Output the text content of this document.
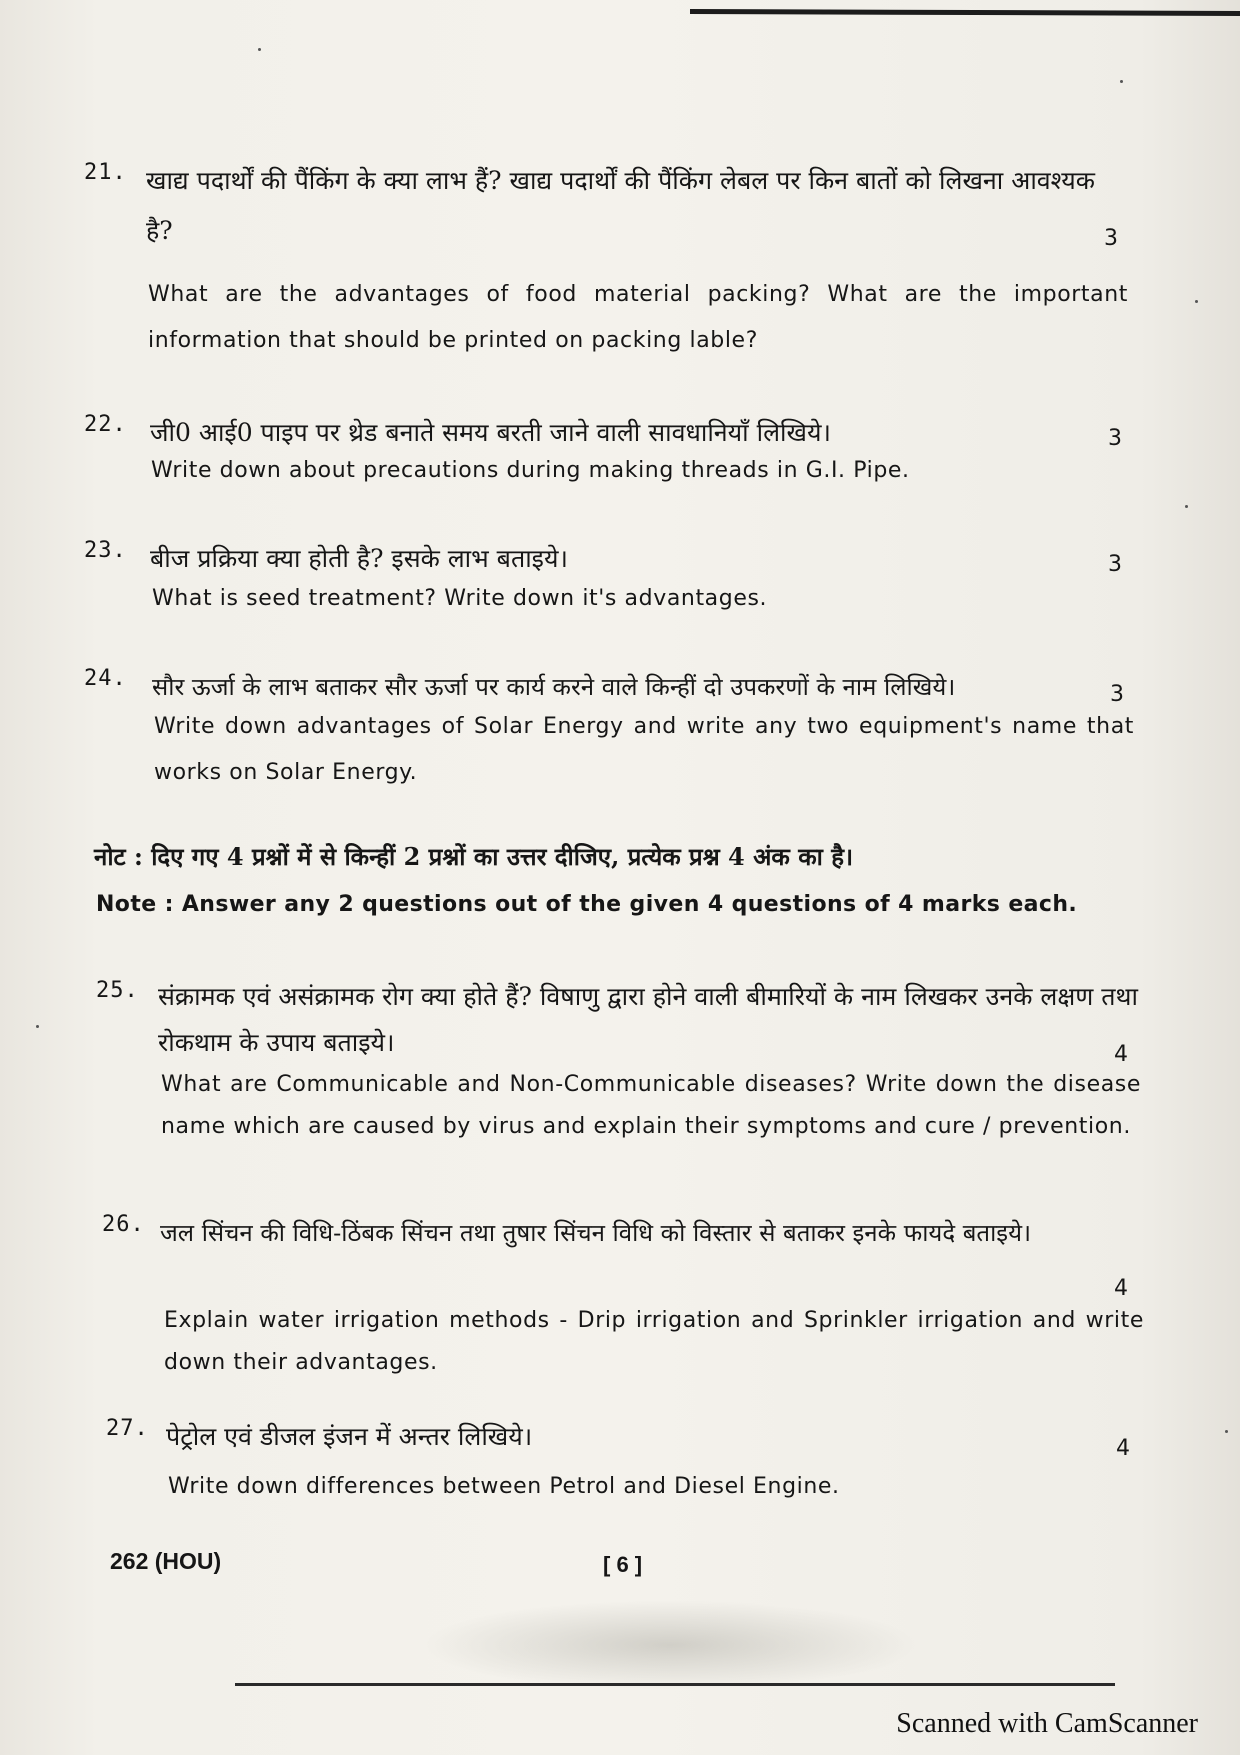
21. खाद्य पदार्थों की पैंकिंग के क्या लाभ हैं? खाद्य पदार्थों की पैंकिंग लेबल पर किन बातों को लिखना आवश्यक है?
What are the advantages of food material packing? What are the important information that should be printed on packing lable?
3
22. जी0 आई0 पाइप पर थ्रेड बनाते समय बरती जाने वाली सावधानियाँ लिखिये।
Write down about precautions during making threads in G.I. Pipe.
3
23. बीज प्रक्रिया क्या होती है? इसके लाभ बताइये।
What is seed treatment? Write down it's advantages.
3
24. सौर ऊर्जा के लाभ बताकर सौर ऊर्जा पर कार्य करने वाले किन्हीं दो उपकरणों के नाम लिखिये।
Write down advantages of Solar Energy and write any two equipment's name that works on Solar Energy.
3
नोट : दिए गए 4 प्रश्नों में से किन्हीं 2 प्रश्नों का उत्तर दीजिए, प्रत्येक प्रश्न 4 अंक का है।
Note : Answer any 2 questions out of the given 4 questions of 4 marks each.
25. संक्रामक एवं असंक्रामक रोग क्या होते हैं? विषाणु द्वारा होने वाली बीमारियों के नाम लिखकर उनके लक्षण तथा रोकथाम के उपाय बताइये।
What are Communicable and Non-Communicable diseases? Write down the disease name which are caused by virus and explain their symptoms and cure / prevention.
4
26. जल सिंचन की विधि-ठिंबक सिंचन तथा तुषार सिंचन विधि को विस्तार से बताकर इनके फायदे बताइये।
Explain water irrigation methods - Drip irrigation and Sprinkler irrigation and write down their advantages.
4
27. पेट्रोल एवं डीजल इंजन में अन्तर लिखिये।
Write down differences between Petrol and Diesel Engine.
4
262 (HOU)	[ 6 ]
Scanned with CamScanner
